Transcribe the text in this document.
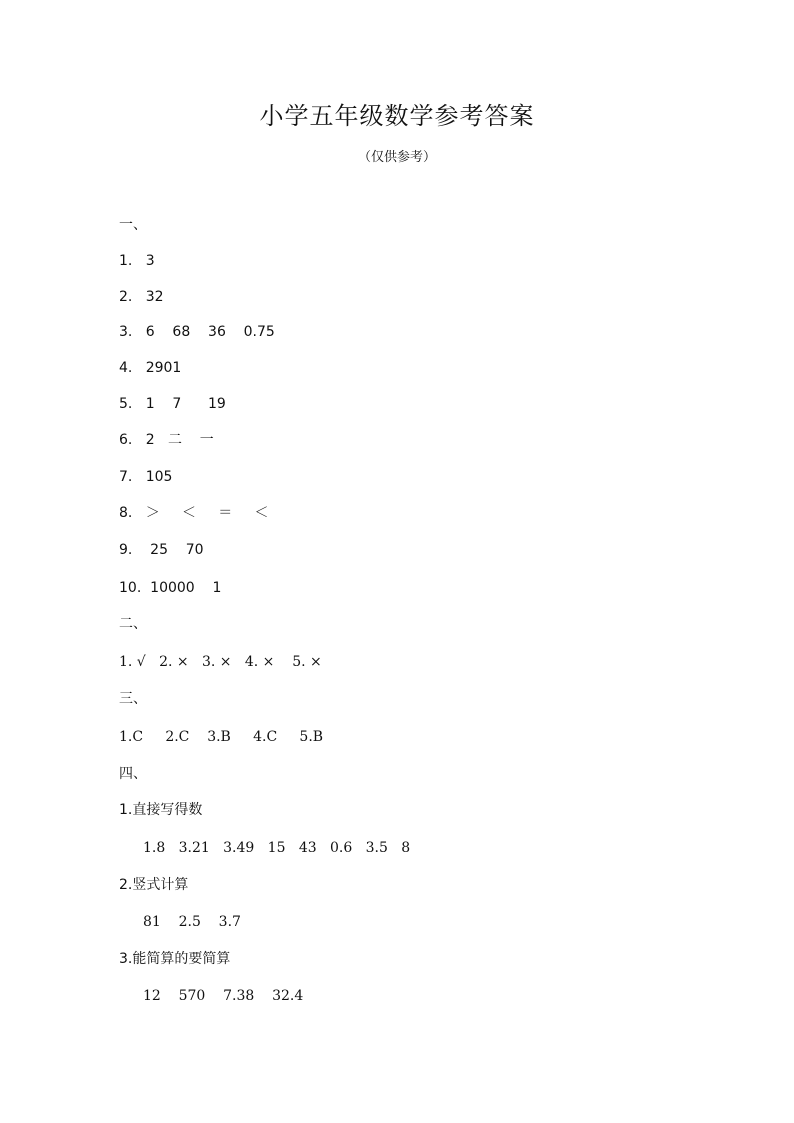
小学五年级数学参考答案
（仅供参考）
一、
1.   3
2.   32
3.   6    68    36    0.75
4.   2901
5.   1    7      19
6.   2   二    一
7.   105
8.   ＞     ＜     ＝     ＜
9.    25    70
10.  10000    1
二、
1. √   2. ×   3. ×   4. ×    5. ×
三、
1.C     2.C    3.B     4.C     5.B
四、
1.直接写得数
1.8   3.21   3.49   15   43   0.6   3.5   8
2.竖式计算
81    2.5    3.7
3.能简算的要简算
12    570    7.38    32.4
